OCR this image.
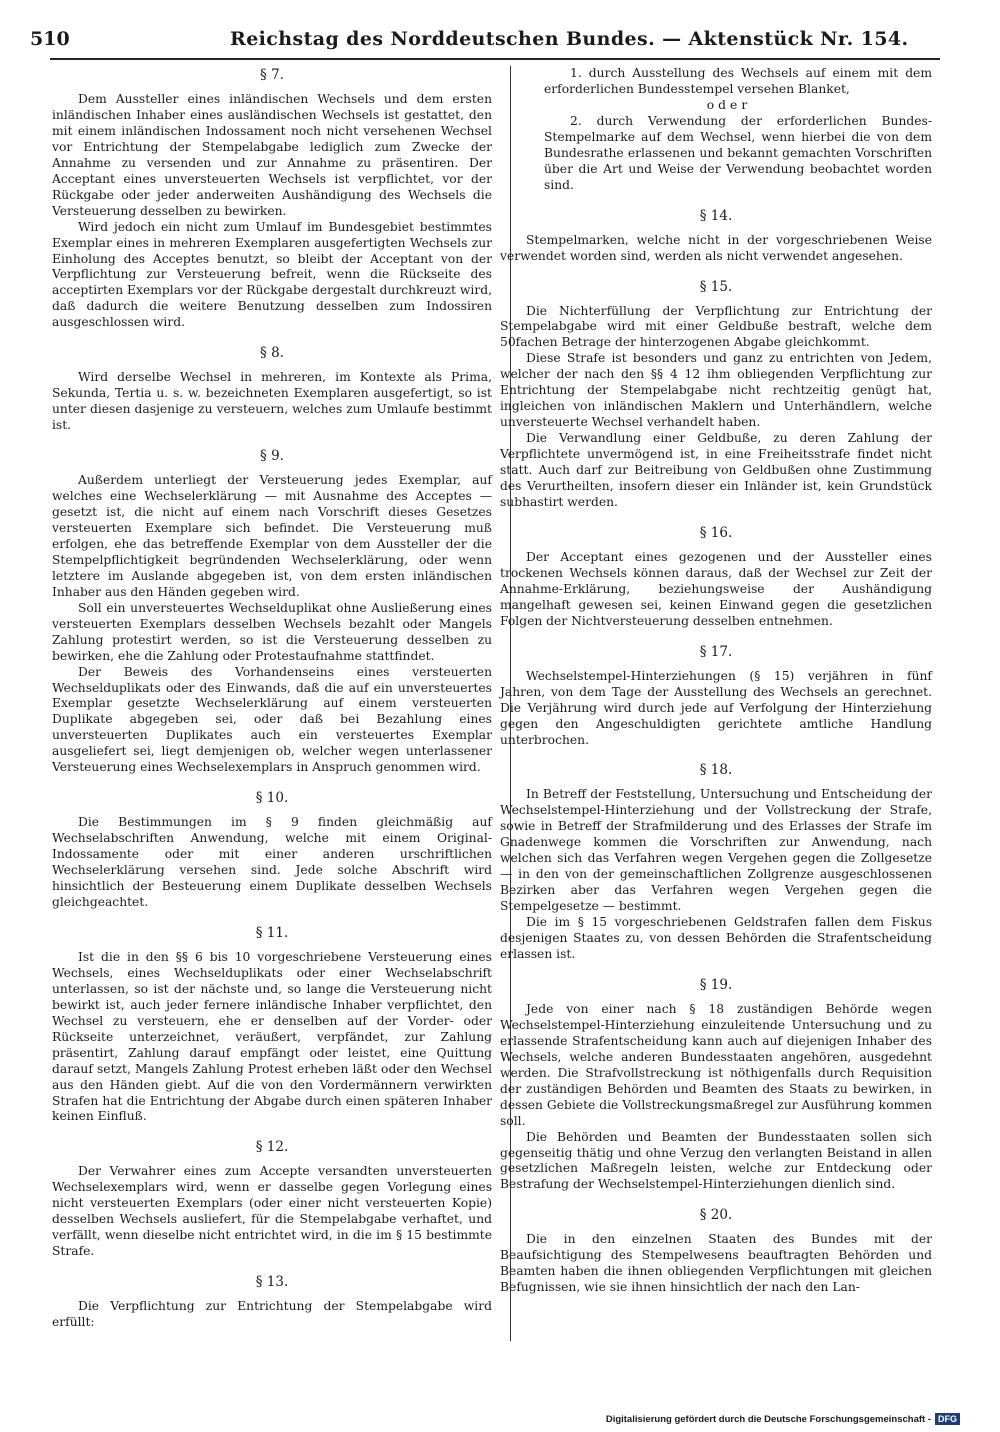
510	Reichstag des Norddeutschen Bundes. — Aktenstück Nr. 154.
§ 7.

Dem Aussteller eines inländischen Wechsels und dem ersten inländischen Inhaber eines ausländischen Wechsels ist gestattet, den mit einem inländischen Indossament noch nicht versehenen Wechsel vor Entrichtung der Stempelabgabe lediglich zum Zwecke der Annahme zu versenden und zur Annahme zu präsentiren. Der Acceptant eines unversteuerten Wechsels ist verpflichtet, vor der Rückgabe oder jeder anderweiten Aushändigung des Wechsels die Versteuerung desselben zu bewirken.

Wird jedoch ein nicht zum Umlauf im Bundesgebiet bestimmtes Exemplar eines in mehreren Exemplaren ausgefertigten Wechsels zur Einholung des Acceptes benutzt, so bleibt der Acceptant von der Verpflichtung zur Versteuerung befreit, wenn die Rückseite des acceptirten Exemplars vor der Rückgabe dergestalt durchkreuzt wird, daß dadurch die weitere Benutzung desselben zum Indossiren ausgeschlossen wird.

§ 8.

Wird derselbe Wechsel in mehreren, im Kontexte als Prima, Sekunda, Tertia u. s. w. bezeichneten Exemplaren ausgefertigt, so ist unter diesen dasjenige zu versteuern, welches zum Umlaufe bestimmt ist.

§ 9.

Außerdem unterliegt der Versteuerung jedes Exemplar, auf welches eine Wechselerklärung — mit Ausnahme des Acceptes — gesetzt ist, die nicht auf einem nach Vorschrift dieses Gesetzes versteuerten Exemplare sich befindet. Die Versteuerung muß erfolgen, ehe das betreffende Exemplar von dem Aussteller der die Stempelpflichtigkeit begründenden Wechselerklärung, oder wenn letztere im Auslande abgegeben ist, von dem ersten inländischen Inhaber aus den Händen gegeben wird.

Soll ein unversteuertes Wechselduplikat ohne Ausließerung eines versteuerten Exemplars desselben Wechsels bezahlt oder Mangels Zahlung protestirt werden, so ist die Versteuerung desselben zu bewirken, ehe die Zahlung oder Protestaufnahme stattfindet.

Der Beweis des Vorhandenseins eines versteuerten Wechselduplikats oder des Einwands, daß die auf ein unversteuertes Exemplar gesetzte Wechselerklärung auf einem versteuerten Duplikate abgegeben sei, oder daß bei Bezahlung eines unversteuerten Duplikates auch ein versteuertes Exemplar ausgeliefert sei, liegt demjenigen ob, welcher wegen unterlassener Versteuerung eines Wechselexemplars in Anspruch genommen wird.

§ 10.

Die Bestimmungen im § 9 finden gleichmäßig auf Wechselabschriften Anwendung, welche mit einem Original-Indossamente oder mit einer anderen urschriftlichen Wechselerklärung versehen sind. Jede solche Abschrift wird hinsichtlich der Besteuerung einem Duplikate desselben Wechsels gleichgeachtet.

§ 11.

Ist die in den §§ 6 bis 10 vorgeschriebene Versteuerung eines Wechsels, eines Wechselduplikats oder einer Wechselabschrift unterlassen, so ist der nächste und, so lange die Versteuerung nicht bewirkt ist, auch jeder fernere inländische Inhaber verpflichtet, den Wechsel zu versteuern, ehe er denselben auf der Vorder- oder Rückseite unterzeichnet, veräußert, verpfändet, zur Zahlung präsentirt, Zahlung darauf empfängt oder leistet, eine Quittung darauf setzt, Mangels Zahlung Protest erheben läßt oder den Wechsel aus den Händen giebt. Auf die von den Vordermännern verwirkten Strafen hat die Entrichtung der Abgabe durch einen späteren Inhaber keinen Einfluß.

§ 12.

Der Verwahrer eines zum Accepte versandten unversteuerten Wechselexemplars wird, wenn er dasselbe gegen Vorlegung eines nicht versteuerten Exemplars (oder einer nicht versteuerten Kopie) desselben Wechsels ausliefert, für die Stempelabgabe verhaftet, und verfällt, wenn dieselbe nicht entrichtet wird, in die im § 15 bestimmte Strafe.

§ 13.

Die Verpflichtung zur Entrichtung der Stempelabgabe wird erfüllt:

1. durch Ausstellung des Wechsels auf einem mit dem erforderlichen Bundesstempel versehen Blanket,

oder

2. durch Verwendung der erforderlichen Bundes-Stempelmarke auf dem Wechsel, wenn hierbei die von dem Bundesrathe erlassenen und bekannt gemachten Vorschriften über die Art und Weise der Verwendung beobachtet worden sind.

§ 14.

Stempelmarken, welche nicht in der vorgeschriebenen Weise verwendet worden sind, werden als nicht verwendet angesehen.

§ 15.

Die Nichterfüllung der Verpflichtung zur Entrichtung der Stempelabgabe wird mit einer Geldbuße bestraft, welche dem 50fachen Betrage der hinterzogenen Abgabe gleichkommt.

Diese Strafe ist besonders und ganz zu entrichten von Jedem, welcher der nach den §§ 4 12 ihm obliegenden Verpflichtung zur Entrichtung der Stempelabgabe nicht rechtzeitig genügt hat, ingleichen von inländischen Maklern und Unterhändlern, welche unversteuerte Wechsel verhandelt haben.

Die Verwandlung einer Geldbuße, zu deren Zahlung der Verpflichtete unvermögend ist, in eine Freiheitsstrafe findet nicht statt. Auch darf zur Beitreibung von Geldbußen ohne Zustimmung des Verurtheilten, insofern dieser ein Inländer ist, kein Grundstück subhastirt werden.

§ 16.

Der Acceptant eines gezogenen und der Aussteller eines trockenen Wechsels können daraus, daß der Wechsel zur Zeit der Annahme-Erklärung, beziehungsweise der Aushändigung mangelhaft gewesen sei, keinen Einwand gegen die gesetzlichen Folgen der Nichtversteuerung desselben entnehmen.

§ 17.

Wechselstempel-Hinterziehungen (§ 15) verjähren in fünf Jahren, von dem Tage der Ausstellung des Wechsels an gerechnet. Die Verjährung wird durch jede auf Verfolgung der Hinterziehung gegen den Angeschuldigten gerichtete amtliche Handlung unterbrochen.

§ 18.

In Betreff der Feststellung, Untersuchung und Entscheidung der Wechselstempel-Hinterziehung und der Vollstreckung der Strafe, sowie in Betreff der Strafmilderung und des Erlasses der Strafe im Gnadenwege kommen die Vorschriften zur Anwendung, nach welchen sich das Verfahren wegen Vergehen gegen die Zollgesetze — in den von der gemeinschaftlichen Zollgrenze ausgeschlossenen Bezirken aber das Verfahren wegen Vergehen gegen die Stempelgesetze — bestimmt.

Die im § 15 vorgeschriebenen Geldstrafen fallen dem Fiskus desjenigen Staates zu, von dessen Behörden die Strafentscheidung erlassen ist.

§ 19.

Jede von einer nach § 18 zuständigen Behörde wegen Wechselstempel-Hinterziehung einzuleitende Untersuchung und zu erlassende Strafentscheidung kann auch auf diejenigen Inhaber des Wechsels, welche anderen Bundesstaaten angehören, ausgedehnt werden. Die Strafvollstreckung ist nöthigenfalls durch Requisition der zuständigen Behörden und Beamten des Staats zu bewirken, in dessen Gebiete die Vollstreckungsmaßregel zur Ausführung kommen soll.

Die Behörden und Beamten der Bundesstaaten sollen sich gegenseitig thätig und ohne Verzug den verlangten Beistand in allen gesetzlichen Maßregeln leisten, welche zur Entdeckung oder Bestrafung der Wechselstempel-Hinterziehungen dienlich sind.

§ 20.

Die in den einzelnen Staaten des Bundes mit der Beaufsichtigung des Stempelwesens beauftragten Behörden und Beamten haben die ihnen obliegenden Verpflichtungen mit gleichen Befugnissen, wie sie ihnen hinsichtlich der nach den Lan-

Digitalisierung gefördert durch die Deutsche Forschungsgemeinschaft - DFG
